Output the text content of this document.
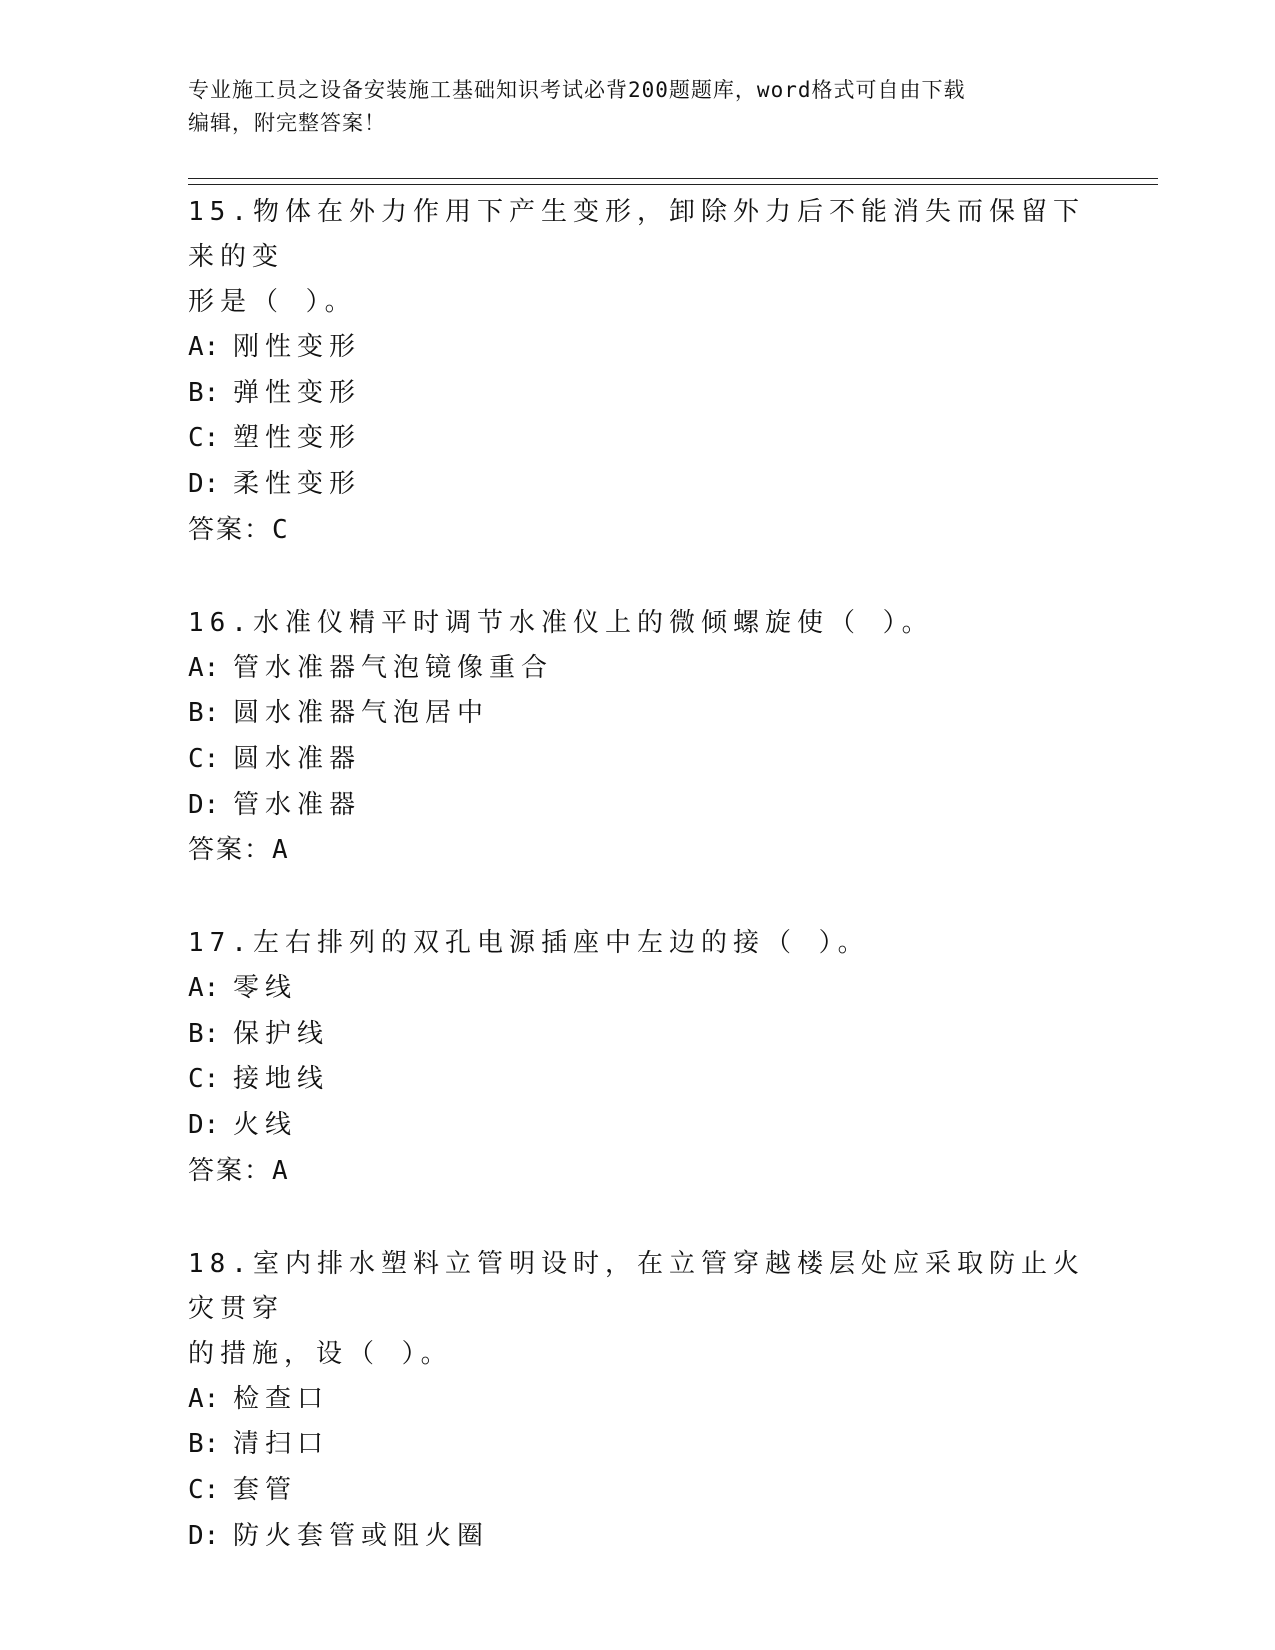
专业施工员之设备安装施工基础知识考试必背200题题库，word格式可自由下载
编辑，附完整答案！
15.物体在外力作用下产生变形，卸除外力后不能消失而保留下来的变
形是（ ）。
A: 刚性变形
B: 弹性变形
C: 塑性变形
D: 柔性变形
答案：C
16.水准仪精平时调节水准仪上的微倾螺旋使（ ）。
A: 管水准器气泡镜像重合
B: 圆水准器气泡居中
C: 圆水准器
D: 管水准器
答案：A
17.左右排列的双孔电源插座中左边的接（ ）。
A: 零线
B: 保护线
C: 接地线
D: 火线
答案：A
18.室内排水塑料立管明设时，在立管穿越楼层处应采取防止火灾贯穿
的措施，设（ ）。
A: 检查口
B: 清扫口
C: 套管
D: 防火套管或阻火圈
